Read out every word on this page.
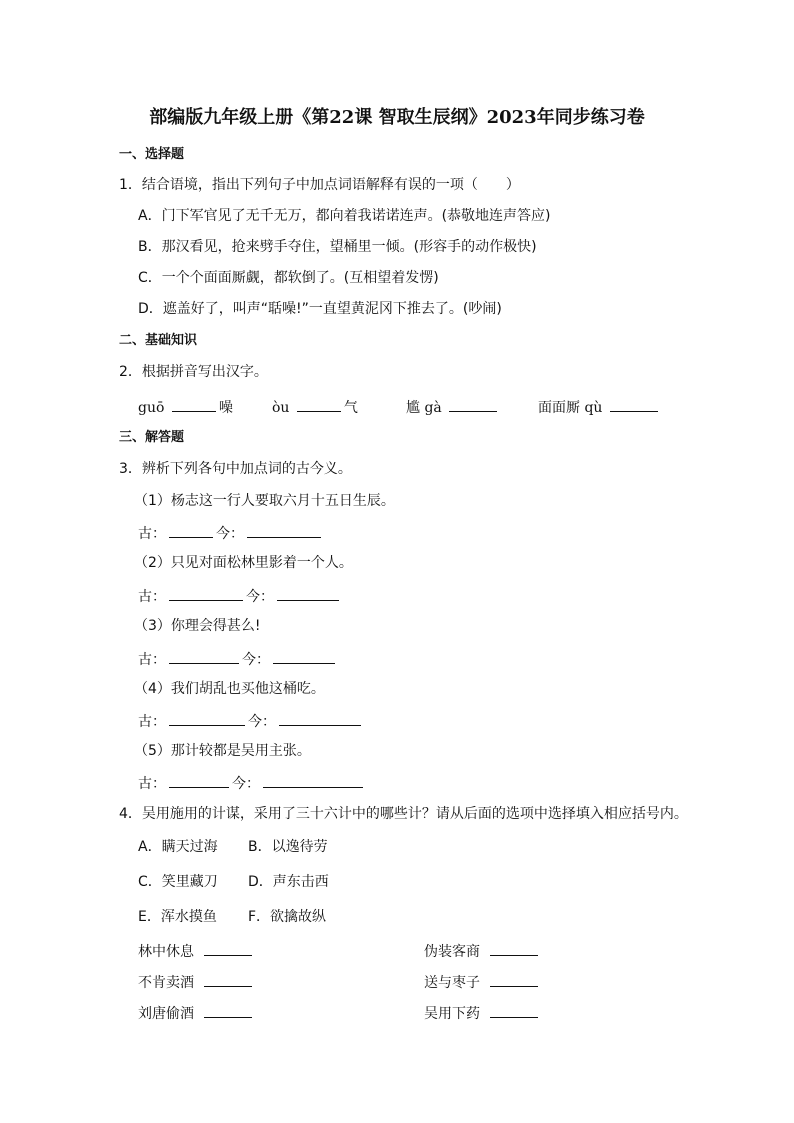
部编版九年级上册《第22课 智取生辰纲》2023年同步练习卷
一、选择题
1．结合语境，指出下列句子中加点词语解释有误的一项（　　）
A．门下军官见了无千无万，都向着我诺诺连声。(恭敬地连声答应)
B．那汉看见，抢来劈手夺住，望桶里一倾。(形容手的动作极快)
C．一个个面面厮觑，都软倒了。(互相望着发愣)
D．遮盖好了，叫声“聒噪!”一直望黄泥冈下推去了。(吵闹)
二、基础知识
2．根据拼音写出汉字。
guō	噪	òu	气	尴 gà	面面厮 qù
三、解答题
3．辨析下列各句中加点词的古今义。
（1）杨志这一行人要取六月十五日生辰。
古：	今：
（2）只见对面松林里影着一个人。
古：	今：
（3）你理会得甚么!
古：	今：
（4）我们胡乱也买他这桶吃。
古：	今：
（5）那计较都是吴用主张。
古：	今：
4．吴用施用的计谋，采用了三十六计中的哪些计？请从后面的选项中选择填入相应括号内。
A．瞒天过海 B．以逸待劳
C．笑里藏刀 D．声东击西
E．浑水摸鱼 F．欲擒故纵
林中休息	伪装客商
不肯卖酒	送与枣子
刘唐偷酒	吴用下药
